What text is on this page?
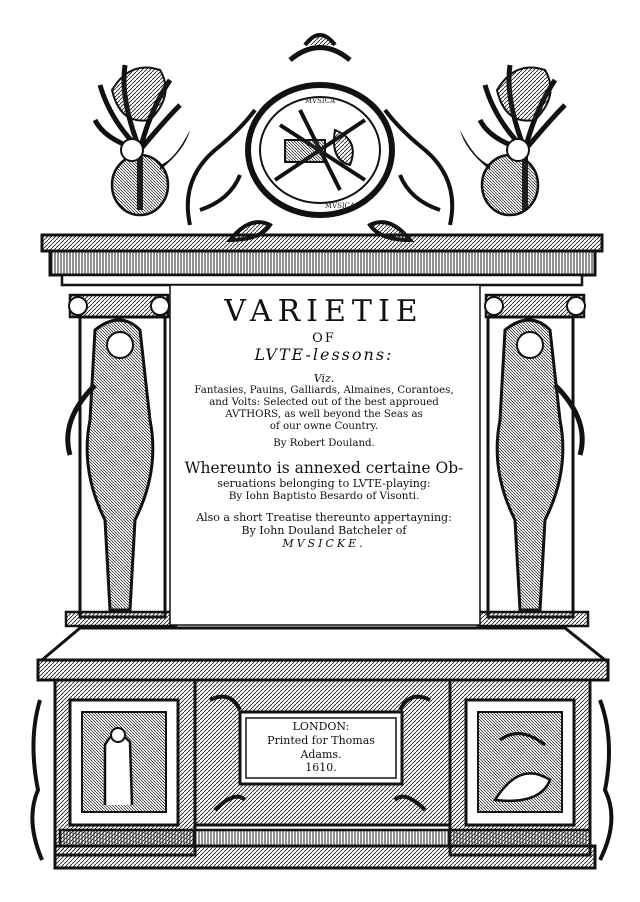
MVSICA
MVSICA
VARIETIE
OF
LVTE-lessons:
Viz.
Fantasies, Pauins, Galliards, Almaines, Corantoes,
and Volts: Selected out of the best approued
AVTHORS, as well beyond the Seas as
of our owne Country.
By Robert Douland.
Whereunto is annexed certaine Ob-
seruations belonging to LVTE-playing:
By Iohn Baptisto Besardo of Visonti.
Also a short Treatise thereunto appertayning:
By Iohn Douland Batcheler of
MVSICKE.
LONDON:
Printed for Thomas Adams.
1610.
